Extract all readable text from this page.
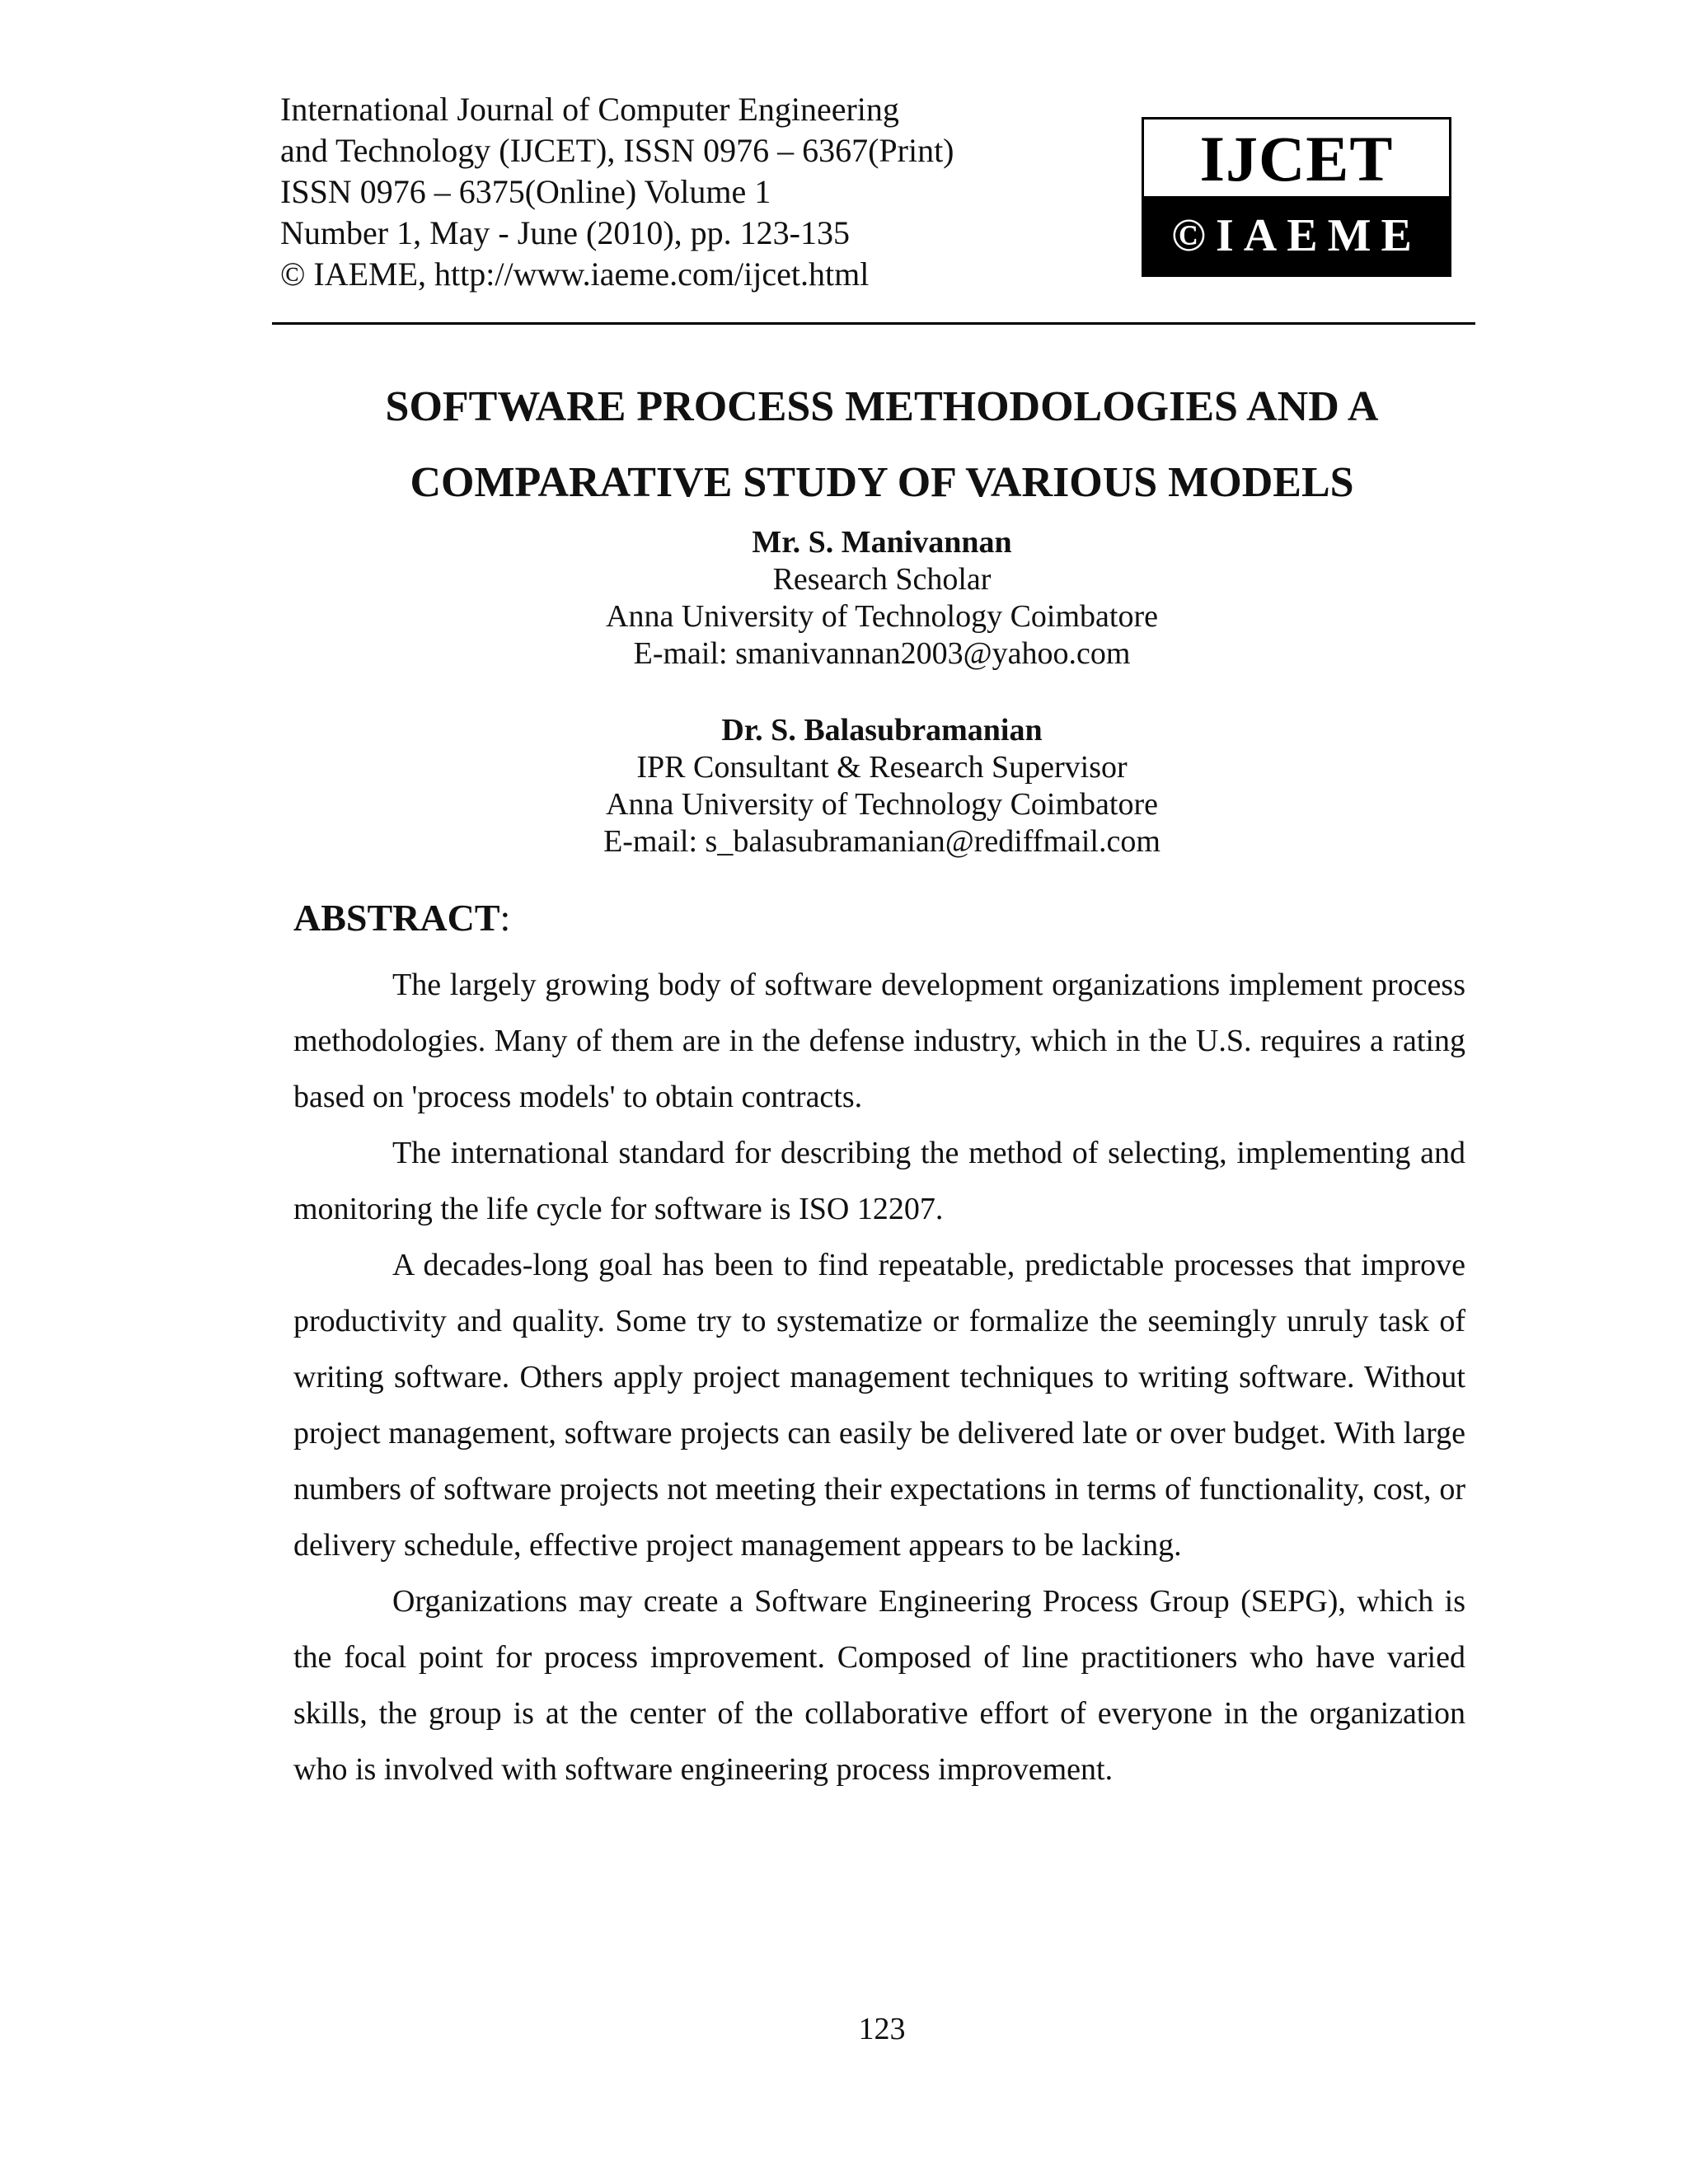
International Journal of Computer Engineering
and Technology (IJCET), ISSN 0976 – 6367(Print)
ISSN 0976 – 6375(Online) Volume 1
Number 1, May - June (2010), pp. 123-135
© IAEME, http://www.iaeme.com/ijcet.html
IJCET
©IAEME
SOFTWARE PROCESS METHODOLOGIES AND A
COMPARATIVE STUDY OF VARIOUS MODELS
Mr. S. Manivannan
Research Scholar
Anna University of Technology Coimbatore
E-mail: smanivannan2003@yahoo.com
Dr. S. Balasubramanian
IPR Consultant & Research Supervisor
Anna University of Technology Coimbatore
E-mail: s_balasubramanian@rediffmail.com
ABSTRACT:

The largely growing body of software development organizations implement process methodologies. Many of them are in the defense industry, which in the U.S. requires a rating based on 'process models' to obtain contracts.

The international standard for describing the method of selecting, implementing and monitoring the life cycle for software is ISO 12207.

A decades-long goal has been to find repeatable, predictable processes that improve productivity and quality. Some try to systematize or formalize the seemingly unruly task of writing software. Others apply project management techniques to writing software. Without project management, software projects can easily be delivered late or over budget. With large numbers of software projects not meeting their expectations in terms of functionality, cost, or delivery schedule, effective project management appears to be lacking.

Organizations may create a Software Engineering Process Group (SEPG), which is the focal point for process improvement. Composed of line practitioners who have varied skills, the group is at the center of the collaborative effort of everyone in the organization who is involved with software engineering process improvement.

123
